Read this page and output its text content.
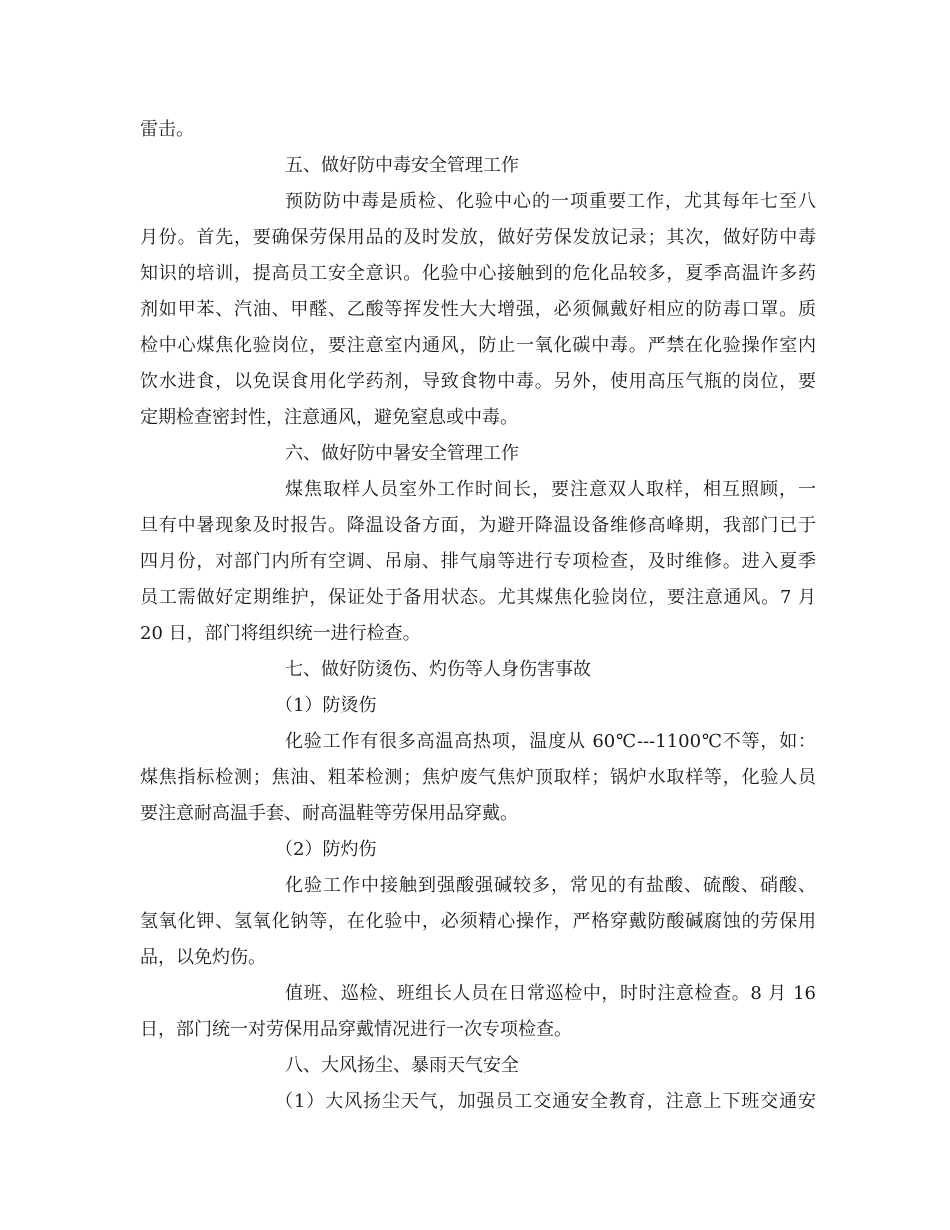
雷击。
五、做好防中毒安全管理工作
预防防中毒是质检、化验中心的一项重要工作，尤其每年七至八
月份。首先，要确保劳保用品的及时发放，做好劳保发放记录；其次，做好防中毒
知识的培训，提高员工安全意识。化验中心接触到的危化品较多，夏季高温许多药
剂如甲苯、汽油、甲醛、乙酸等挥发性大大增强，必须佩戴好相应的防毒口罩。质
检中心煤焦化验岗位，要注意室内通风，防止一氧化碳中毒。严禁在化验操作室内
饮水进食，以免误食用化学药剂，导致食物中毒。另外，使用高压气瓶的岗位，要
定期检查密封性，注意通风，避免窒息或中毒。
六、做好防中暑安全管理工作
煤焦取样人员室外工作时间长，要注意双人取样，相互照顾，一
旦有中暑现象及时报告。降温设备方面，为避开降温设备维修高峰期，我部门已于
四月份，对部门内所有空调、吊扇、排气扇等进行专项检查，及时维修。进入夏季
员工需做好定期维护，保证处于备用状态。尤其煤焦化验岗位，要注意通风。7 月
20 日，部门将组织统一进行检查。
七、做好防烫伤、灼伤等人身伤害事故
（1）防烫伤
化验工作有很多高温高热项，温度从 60℃---1100℃不等，如：
煤焦指标检测；焦油、粗苯检测；焦炉废气焦炉顶取样；锅炉水取样等，化验人员
要注意耐高温手套、耐高温鞋等劳保用品穿戴。
（2）防灼伤
化验工作中接触到强酸强碱较多，常见的有盐酸、硫酸、硝酸、
氢氧化钾、氢氧化钠等，在化验中，必须精心操作，严格穿戴防酸碱腐蚀的劳保用
品，以免灼伤。
值班、巡检、班组长人员在日常巡检中，时时注意检查。8 月 16
日，部门统一对劳保用品穿戴情况进行一次专项检查。
八、大风扬尘、暴雨天气安全
（1）大风扬尘天气，加强员工交通安全教育，注意上下班交通安
